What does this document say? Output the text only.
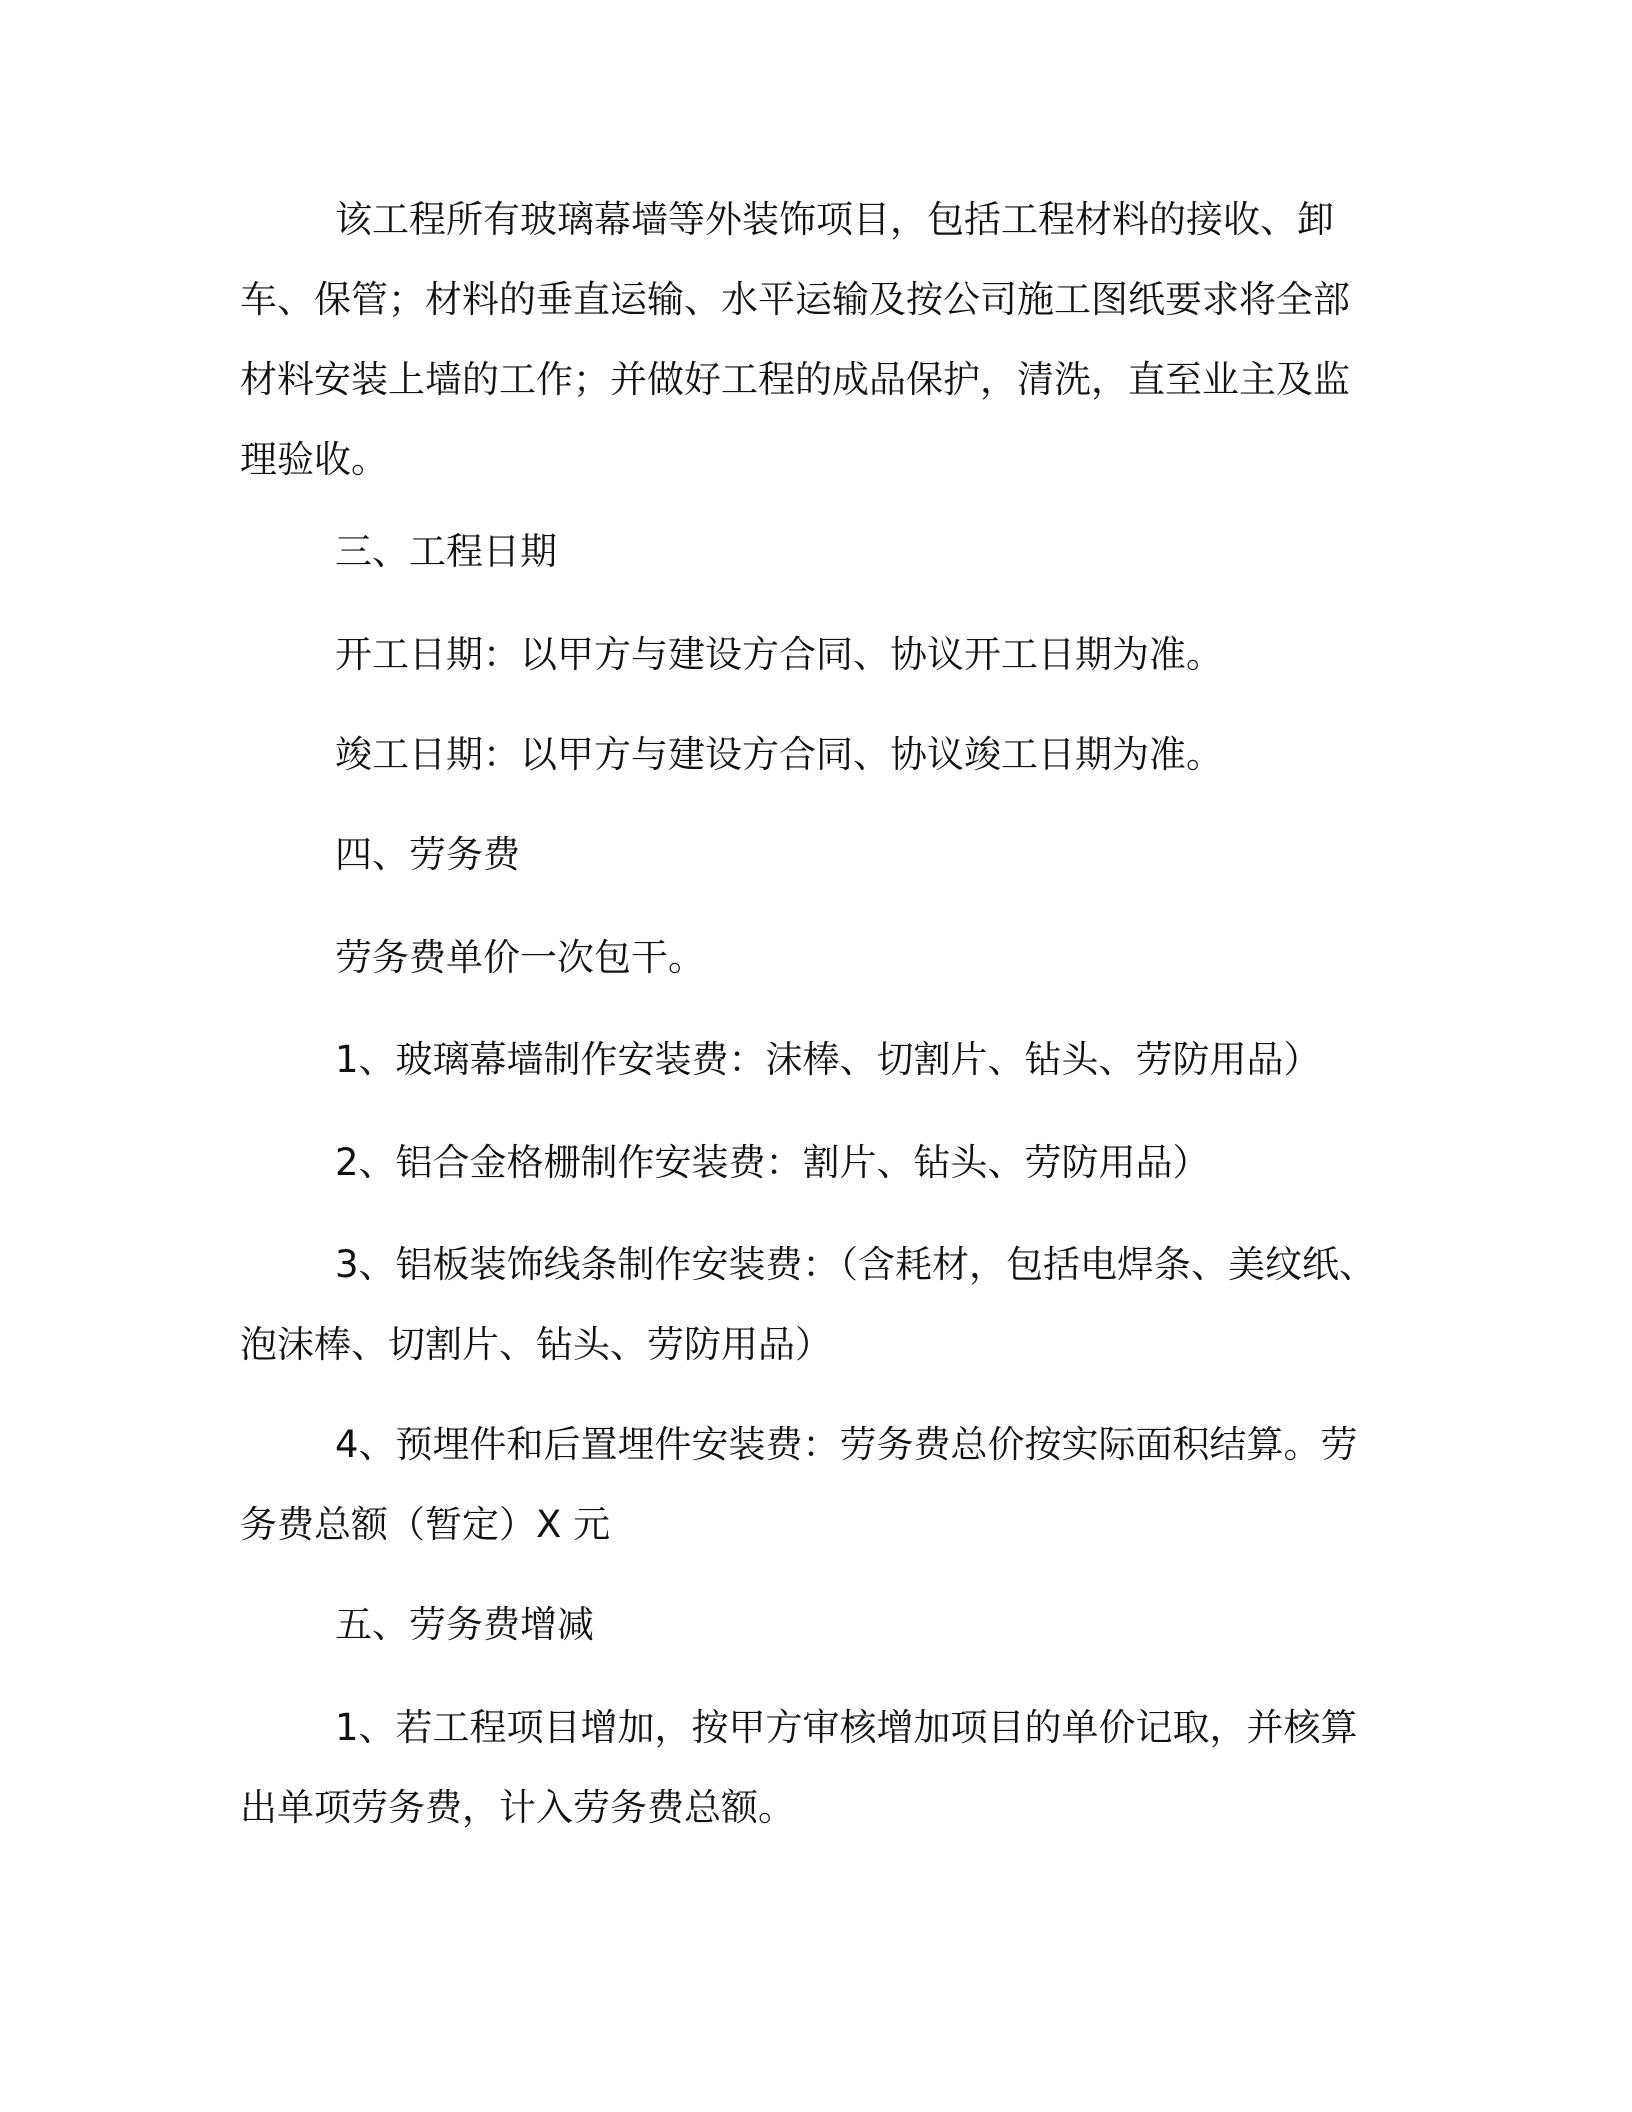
该工程所有玻璃幕墙等外装饰项目，包括工程材料的接收、卸车、保管；材料的垂直运输、水平运输及按公司施工图纸要求将全部材料安装上墙的工作；并做好工程的成品保护，清洗，直至业主及监理验收。

三、工程日期

开工日期：以甲方与建设方合同、协议开工日期为准。

竣工日期：以甲方与建设方合同、协议竣工日期为准。

四、劳务费

劳务费单价一次包干。

1、玻璃幕墙制作安装费：沫棒、切割片、钻头、劳防用品）

2、铝合金格栅制作安装费：割片、钻头、劳防用品）

3、铝板装饰线条制作安装费：（含耗材，包括电焊条、美纹纸、泡沫棒、切割片、钻头、劳防用品）

4、预埋件和后置埋件安装费：劳务费总价按实际面积结算。劳务费总额（暂定）X 元

五、劳务费增减

1、若工程项目增加，按甲方审核增加项目的单价记取，并核算出单项劳务费，计入劳务费总额。
